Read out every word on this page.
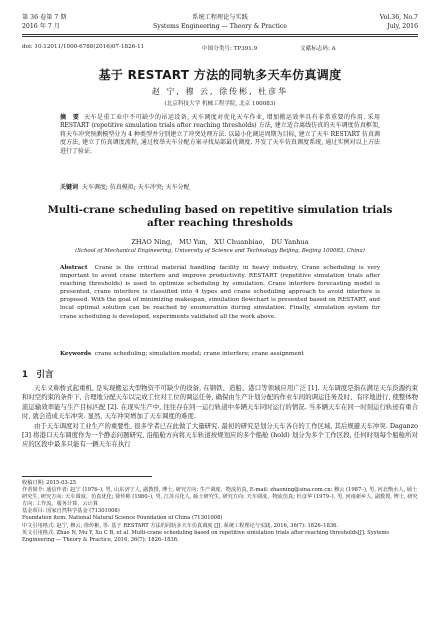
第 36 卷第 7 期	系统工程理论与实践	Vol.36, No.7
2016 年 7 月	Systems Engineering — Theory & Practice	July, 2016
doi: 10.12011/1000-6788(2016)07-1826-11	中图分类号: TP391.9	文献标志码: A
基于 RESTART 方法的同轨多天车仿真调度
赵 宁, 穆 云, 徐传彬, 杜彦华
(北京科技大学 机械工程学院, 北京 100083)
摘　要 天车是重工业中不可缺少的吊运设备, 天车调度对优化天车作业, 增加搬运效率具有非常重要的作用. 采用 RESTART (repetitive simulation trials after reaching thresholds) 方法, 建立适合离线仿真的天车调度仿真框架, 将天车冲突预测模型分为 4 种类型并分别建立了冲突处理方法. 以最小化调运周期为目标, 建立了天车 RESTART 仿真调度方法, 建立了仿真调度流程, 通过枚举天车分配方案寻找局部最优调度. 开发了天车仿真调度系统, 通过实例对以上方法进行了验证.
关键词 天车调度; 仿真模拟; 天车冲突; 天车分配
Multi-crane scheduling based on repetitive simulation trials after reaching thresholds
ZHAO Ning,　MU Yun,　XU Chuanbiao,　DU Yanhua
(School of Mechanical Engineering, University of Science and Technology Beijing, Beijing 100083, China)
Abstract Crane is the critical material handling facility in heavy industry. Crane scheduling is very important to avoid crane interfere and improve productivity. RESTART (repetitive simulation trials after reaching thresholds) is used to optimize scheduling by simulation. Crane interfere forecasting model is presented, crane interfere is classified into 4 types and crane scheduling approach to avoid interfere is proposed. With the goal of minimizing makespan, simulation flowchart is presented based on RESTART, and local optimal solution can be reached by enumeration during simulation. Finally, simulation system for crane scheduling is developed, experiments validated all the work above.
Keywords crane scheduling; simulation model; crane interfere; crane assignment
1　引言

天车又称桥式起重机, 是实现搬运大型物资不可缺少的设备, 在钢铁、造船、港口等领域应用广泛 [1]. 天车调度是指在满足天车资源约束和时空约束的条件下, 合理地分配天车以完成工位对工位的调运任务, 确保由生产计划分配的作业车间的调运任务及时、有序地进行, 使整体物流运输效率能与生产目标匹配 [2]. 在现实生产中, 往往存在同一运行轨道中多辆天车同时运行的情况. 当多辆天车在同一时刻运行轨迹有重合时, 就会造成天车冲突. 显然, 天车冲突增加了天车调度的难度.

由于天车调度对工业生产的重要性, 很多学者已在此做了大量研究. 最初的研究是划分天车各自的工作区域, 其后规避天车冲突. Daganzo [3] 将港口天车调度作为一个静态问题研究, 沿船舱方向将天车轨道按规划应的多个船舱 (hold) 划分为多个工作区段, 任何时刻每个船舱所对应的区段中最多只能有一辆天车在执行

收稿日期: 2015-03-25

作者简介: 通信作者: 赵宁 (1976–), 男, 山东济宁人, 副教授, 博士, 研究方向: 生产调度、物流仿真, E-mail: zhaoning@sina.com.cn; 穆云 (1987–), 男, 河北衡水人, 硕士研究生, 研究方向: 天车调度、仿真优化; 徐传彬 (1980–), 男, 江苏兴化人, 硕士研究生, 研究方向: 天车调度、物流仿真; 杜彦华 (1979–), 男, 河南新乡人, 副教授, 博士, 研究方向: 工作流、服务计算、云计算

基金项目: 国家自然科学基金 (71301008)

Foundation item: National Natural Science Foundation of China (71301008)

中文引用格式: 赵宁, 穆云, 徐传彬, 等. 基于 RESTART 方法的同轨多天车仿真调度 [J]. 系统工程理论与实践, 2016, 36(7): 1826–1836.

英文引用格式: Zhao N, Mu Y, Xu C B, et al. Multi-crane scheduling based on repetitive simulation trials after reaching thresholds[J]. Systems Engineering — Theory & Practice, 2016, 36(7): 1826–1836.
